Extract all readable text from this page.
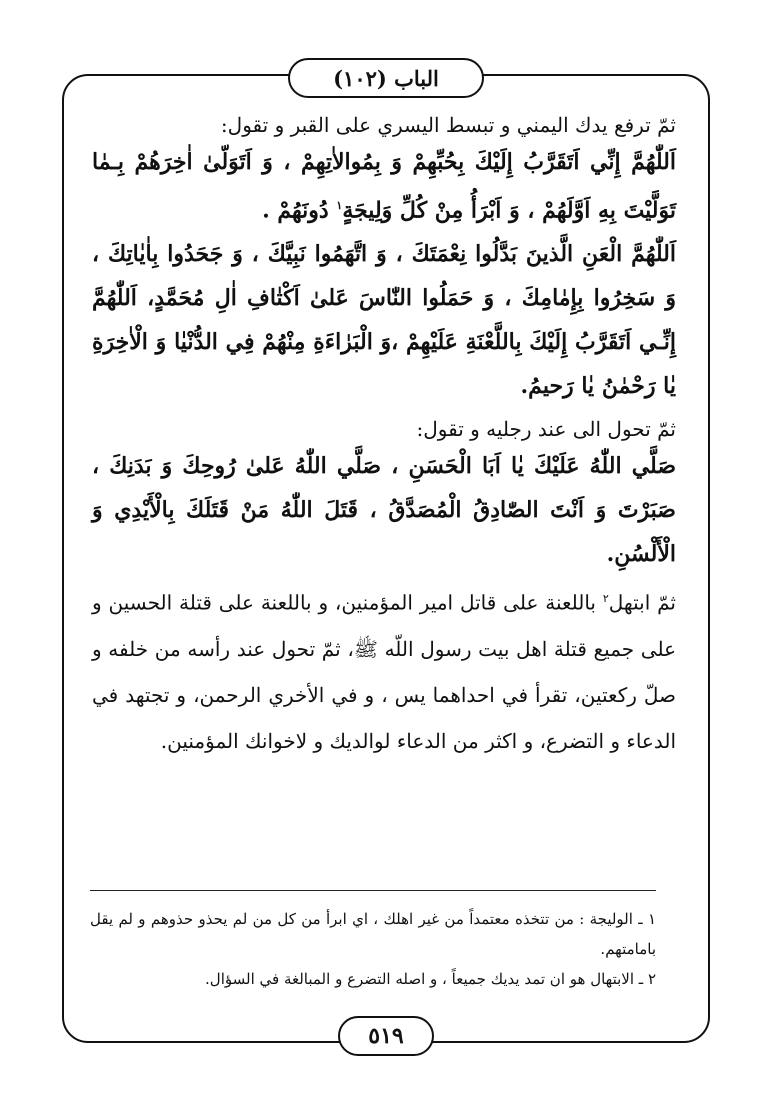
الباب (١٠٢)

ثمّ ترفع يدك اليمني و تبسط اليسري على القبر و تقول:

اَللّٰهُمَّ إِنِّي اَتَقَرَّبُ إِلَيْكَ بِحُبِّهِمْ وَ بِمُوالاٰتِهِمْ ، وَ اَتَوَلّىٰ اٰخِرَهُمْ بِـمٰا تَوَلَّيْتَ بِهِ اَوَّلَهُمْ ، وَ اَبْرَأُ مِنْ كُلِّ وَلِيجَةٍ$^١$ دُونَهُمْ .

اَللّٰهُمَّ الْعَنِ الَّذينَ بَدَّلُوا نِعْمَتَكَ ، وَ اتَّهَمُوا نَبِيَّكَ ، وَ جَحَدُوا بِاٰيٰاتِكَ ، وَ سَخِرُوا بِإِمٰامِكَ ، وَ حَمَلُوا النّٰاسَ عَلىٰ اَكْتٰافِ اٰلِ مُحَمَّدٍ، اَللّٰهُمَّ إِنِّـي اَتَقَرَّبُ إِلَيْكَ بِاللَّعْنَةِ عَلَيْهِمْ ،وَ الْبَرٰاءَةِ مِنْهُمْ فِي الدُّنْيٰا وَ الْاٰخِرَةِ يٰا رَحْمٰنُ يٰا رَحيمُ.

ثمّ تحول الى عند رجليه و تقول:

صَلَّي اللّٰهُ عَلَيْكَ يٰا اَبَا الْحَسَنِ ، صَلَّي اللّٰهُ عَلىٰ رُوحِكَ وَ بَدَنِكَ ، صَبَرْتَ وَ اَنْتَ الصّٰادِقُ الْمُصَدَّقُ ، قَتَلَ اللّٰهُ مَنْ قَتَلَكَ بِالْأَيْدِي وَ الْأَلْسُنِ.

ثمّ ابتهل$^٢$ باللعنة على قاتل امير المؤمنين، و باللعنة على قتلة الحسين و على جميع قتلة اهل بيت رسول اللّه ﷺ، ثمّ تحول عند رأسه من خلفه و صلّ ركعتين، تقرأ في احداهما يس ، و في الأخري الرحمن، و تجتهد في الدعاء و التضرع، و اكثر من الدعاء لوالديك و لاخوانك المؤمنين.

١ ـ الوليجة : من تتخذه معتمداً من غير اهلك ، اي ابرأ من كل من لم يحذو حذوهم و لم يقل بامامتهم.

٢ ـ الابتهال هو ان تمد يديك جميعاً ، و اصله التضرع و المبالغة في السؤال.

٥١٩
